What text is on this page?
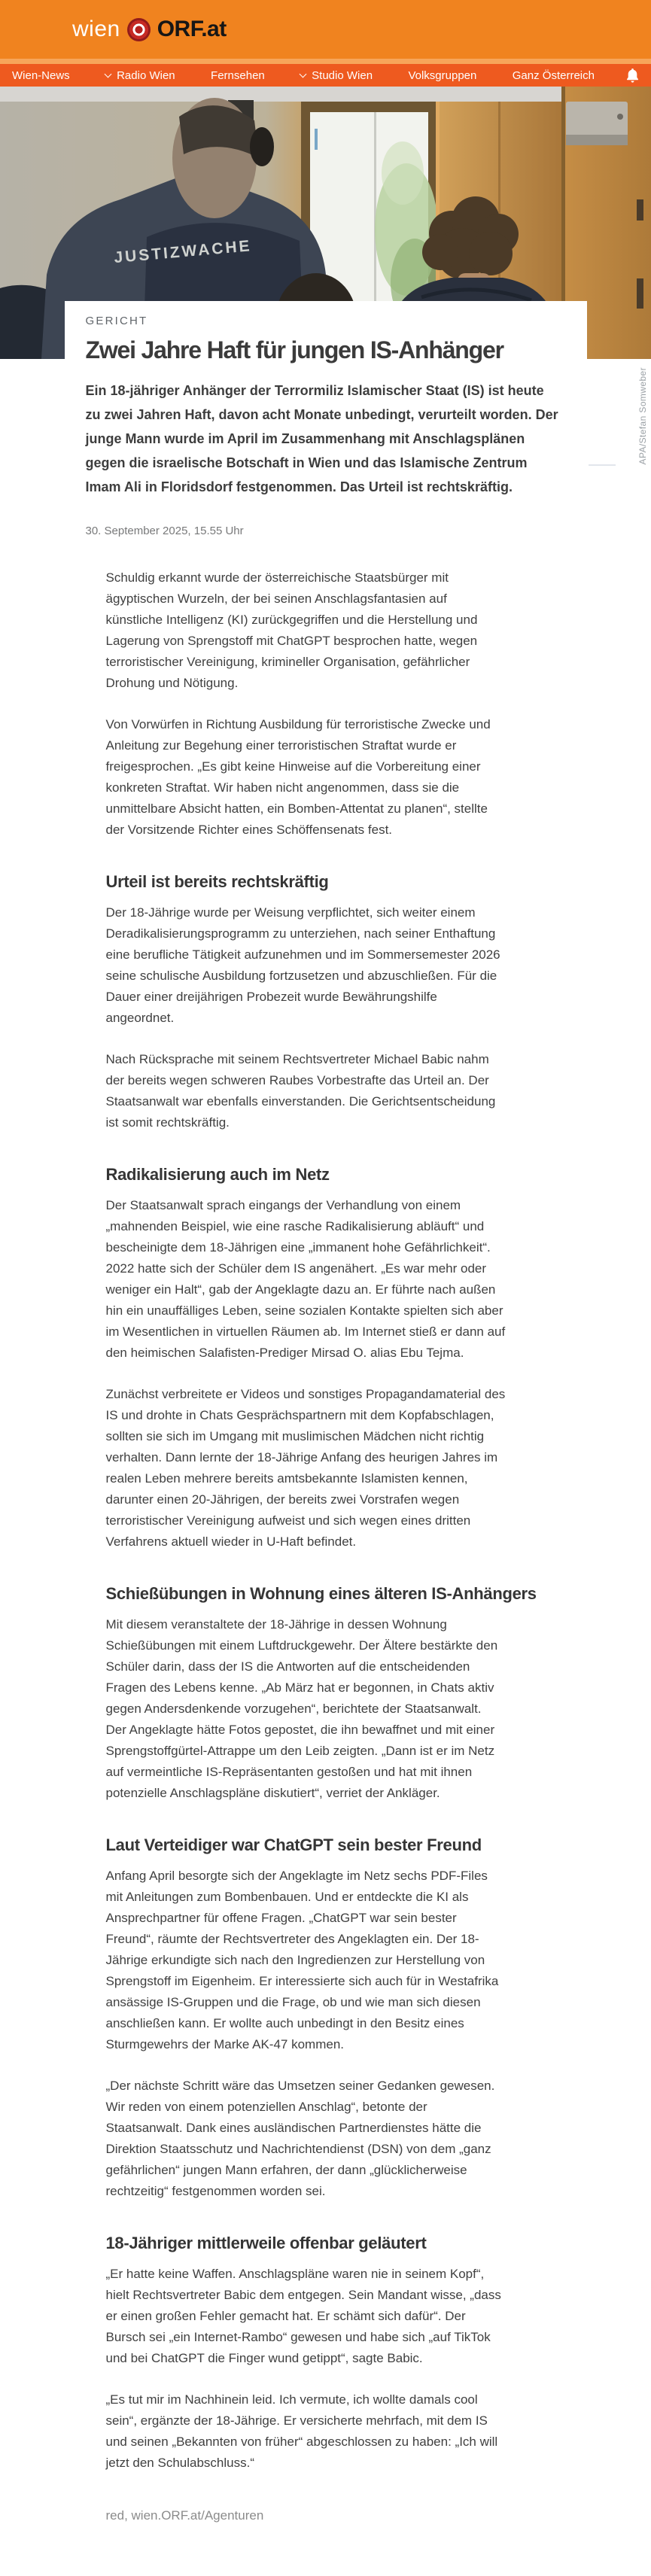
wien ORF.at
Wien-News	Radio Wien	Fernsehen	Studio Wien	Volksgruppen	Ganz Österreich
JUSTIZWACHE
APA/Stefan Somweber
GERICHT
Zwei Jahre Haft für jungen IS-Anhänger

Ein 18-jähriger Anhänger der Terrormiliz Islamischer Staat (IS) ist heute zu zwei Jahren Haft, davon acht Monate unbedingt, verurteilt worden. Der junge Mann wurde im April im Zusammenhang mit Anschlagsplänen gegen die israelische Botschaft in Wien und das Islamische Zentrum Imam Ali in Floridsdorf festgenommen. Das Urteil ist rechtskräftig.

30. September 2025, 15.55 Uhr

Schuldig erkannt wurde der österreichische Staatsbürger mit ägyptischen Wurzeln, der bei seinen Anschlagsfantasien auf künstliche Intelligenz (KI) zurückgegriffen und die Herstellung und Lagerung von Sprengstoff mit ChatGPT besprochen hatte, wegen terroristischer Vereinigung, krimineller Organisation, gefährlicher Drohung und Nötigung.

Von Vorwürfen in Richtung Ausbildung für terroristische Zwecke und Anleitung zur Begehung einer terroristischen Straftat wurde er freigesprochen. „Es gibt keine Hinweise auf die Vorbereitung einer konkreten Straftat. Wir haben nicht angenommen, dass sie die unmittelbare Absicht hatten, ein Bomben-Attentat zu planen“, stellte der Vorsitzende Richter eines Schöffensenats fest.

Urteil ist bereits rechtskräftig

Der 18-Jährige wurde per Weisung verpflichtet, sich weiter einem Deradikalisierungsprogramm zu unterziehen, nach seiner Enthaftung eine berufliche Tätigkeit aufzunehmen und im Sommersemester 2026 seine schulische Ausbildung fortzusetzen und abzuschließen. Für die Dauer einer dreijährigen Probezeit wurde Bewährungshilfe angeordnet.

Nach Rücksprache mit seinem Rechtsvertreter Michael Babic nahm der bereits wegen schweren Raubes Vorbestrafte das Urteil an. Der Staatsanwalt war ebenfalls einverstanden. Die Gerichtsentscheidung ist somit rechtskräftig.

Radikalisierung auch im Netz

Der Staatsanwalt sprach eingangs der Verhandlung von einem „mahnenden Beispiel, wie eine rasche Radikalisierung abläuft“ und bescheinigte dem 18-Jährigen eine „immanent hohe Gefährlichkeit“. 2022 hatte sich der Schüler dem IS angenähert. „Es war mehr oder weniger ein Halt“, gab der Angeklagte dazu an. Er führte nach außen hin ein unauffälliges Leben, seine sozialen Kontakte spielten sich aber im Wesentlichen in virtuellen Räumen ab. Im Internet stieß er dann auf den heimischen Salafisten-Prediger Mirsad O. alias Ebu Tejma.

Zunächst verbreitete er Videos und sonstiges Propagandamaterial des IS und drohte in Chats Gesprächspartnern mit dem Kopfabschlagen, sollten sie sich im Umgang mit muslimischen Mädchen nicht richtig verhalten. Dann lernte der 18-Jährige Anfang des heurigen Jahres im realen Leben mehrere bereits amtsbekannte Islamisten kennen, darunter einen 20-Jährigen, der bereits zwei Vorstrafen wegen terroristischer Vereinigung aufweist und sich wegen eines dritten Verfahrens aktuell wieder in U-Haft befindet.

Schießübungen in Wohnung eines älteren IS-Anhängers

Mit diesem veranstaltete der 18-Jährige in dessen Wohnung Schießübungen mit einem Luftdruckgewehr. Der Ältere bestärkte den Schüler darin, dass der IS die Antworten auf die entscheidenden Fragen des Lebens kenne. „Ab März hat er begonnen, in Chats aktiv gegen Andersdenkende vorzugehen“, berichtete der Staatsanwalt. Der Angeklagte hätte Fotos gepostet, die ihn bewaffnet und mit einer Sprengstoffgürtel-Attrappe um den Leib zeigten. „Dann ist er im Netz auf vermeintliche IS-Repräsentanten gestoßen und hat mit ihnen potenzielle Anschlagspläne diskutiert“, verriet der Ankläger.

Laut Verteidiger war ChatGPT sein bester Freund

Anfang April besorgte sich der Angeklagte im Netz sechs PDF-Files mit Anleitungen zum Bombenbauen. Und er entdeckte die KI als Ansprechpartner für offene Fragen. „ChatGPT war sein bester Freund“, räumte der Rechtsvertreter des Angeklagten ein. Der 18-Jährige erkundigte sich nach den Ingredienzen zur Herstellung von Sprengstoff im Eigenheim. Er interessierte sich auch für in Westafrika ansässige IS-Gruppen und die Frage, ob und wie man sich diesen anschließen kann. Er wollte auch unbedingt in den Besitz eines Sturmgewehrs der Marke AK-47 kommen.

„Der nächste Schritt wäre das Umsetzen seiner Gedanken gewesen. Wir reden von einem potenziellen Anschlag“, betonte der Staatsanwalt. Dank eines ausländischen Partnerdienstes hätte die Direktion Staatsschutz und Nachrichtendienst (DSN) von dem „ganz gefährlichen“ jungen Mann erfahren, der dann „glücklicherweise rechtzeitig“ festgenommen worden sei.

18-Jähriger mittlerweile offenbar geläutert

„Er hatte keine Waffen. Anschlagspläne waren nie in seinem Kopf“, hielt Rechtsvertreter Babic dem entgegen. Sein Mandant wisse, „dass er einen großen Fehler gemacht hat. Er schämt sich dafür“. Der Bursch sei „ein Internet-Rambo“ gewesen und habe sich „auf TikTok und bei ChatGPT die Finger wund getippt“, sagte Babic.

„Es tut mir im Nachhinein leid. Ich vermute, ich wollte damals cool sein“, ergänzte der 18-Jährige. Er versicherte mehrfach, mit dem IS und seinen „Bekannten von früher“ abgeschlossen zu haben: „Ich will jetzt den Schulabschluss.“

red, wien.ORF.at/Agenturen
